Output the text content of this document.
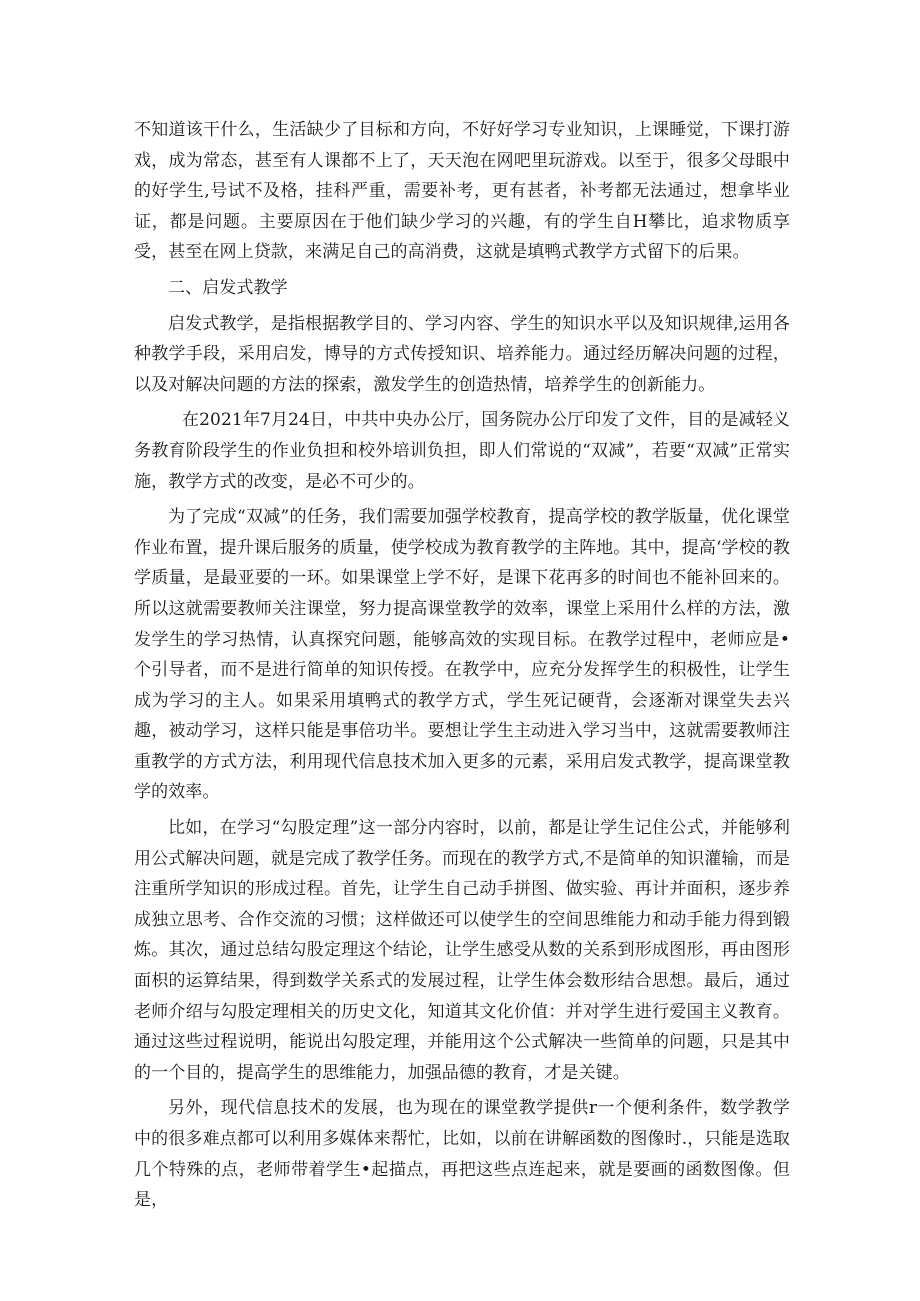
不知道该干什么，生活缺少了目标和方向，不好好学习专业知识，上课睡觉，下课打游戏，成为常态，甚至有人课都不上了，天天泡在网吧里玩游戏。以至于，很多父母眼中的好学生,号试不及格，挂科严重，需要补考，更有甚者，补考都无法通过，想拿毕业证，都是问题。主要原因在于他们缺少学习的兴趣，有的学生自H攀比，追求物质享受，甚至在网上贷款，来满足自己的高消费，这就是填鸭式教学方式留下的后果。

二、启发式教学

启发式教学，是指根据教学目的、学习内容、学生的知识水平以及知识规律,运用各种教学手段，采用启发，博导的方式传授知识、培养能力。通过经历解决问题的过程，以及对解决问题的方法的探索，激发学生的创造热情，培养学生的创新能力。

在2021年7月24日，中共中央办公厅，国务院办公厅印发了文件，目的是减轻义务教育阶段学生的作业负担和校外培训负担，即人们常说的“双减”，若要“双减”正常实施，教学方式的改变，是必不可少的。

为了完成“双减”的任务，我们需要加强学校教育，提高学校的教学版量，优化课堂作业布置，提升课后服务的质量，使学校成为教育教学的主阵地。其中，提高‘学校的教学质量，是最亚要的一环。如果课堂上学不好，是课下花再多的时间也不能补回来的。所以这就需要教师关注课堂，努力提高课堂教学的效率，课堂上采用什么样的方法，激发学生的学习热情，认真探究问题，能够高效的实现目标。在教学过程中，老师应是•个引导者，而不是进行简单的知识传授。在教学中，应充分发挥学生的积极性，让学生成为学习的主人。如果采用填鸭式的教学方式，学生死记硬背，会逐渐对课堂失去兴趣，被动学习，这样只能是事倍功半。要想让学生主动进入学习当中，这就需要教师注重教学的方式方法，利用现代信息技术加入更多的元素，采用启发式教学，提高课堂教学的效率。

比如，在学习“勾股定理”这一部分内容时，以前，都是让学生记住公式，并能够利用公式解决问题，就是完成了教学任务。而现在的教学方式,不是简单的知识灌输，而是注重所学知识的形成过程。首先，让学生自己动手拼图、做实验、再计并面积，逐步养成独立思考、合作交流的习惯；这样做还可以使学生的空间思维能力和动手能力得到锻炼。其次，通过总结勾股定理这个结论，让学生感受从数的关系到形成图形，再由图形面枳的运算结果，得到数学关系式的发展过程，让学生体会数形结合思想。最后，通过老师介绍与勾股定理相关的历史文化，知道其文化价值：并对学生进行爱国主义教育。通过这些过程说明，能说出勾股定理，并能用这个公式解决一些简单的问题，只是其中的一个目的，提高学生的思维能力，加强品德的教育，才是关键。

另外，现代信息技术的发展，也为现在的课堂教学提供r一个便利条件，数学教学中的很多难点都可以利用多媒体来帮忙，比如，以前在讲解函数的图像时.，只能是选取几个特殊的点，老师带着学生•起描点，再把这些点连起来，就是要画的函数图像。但是，
